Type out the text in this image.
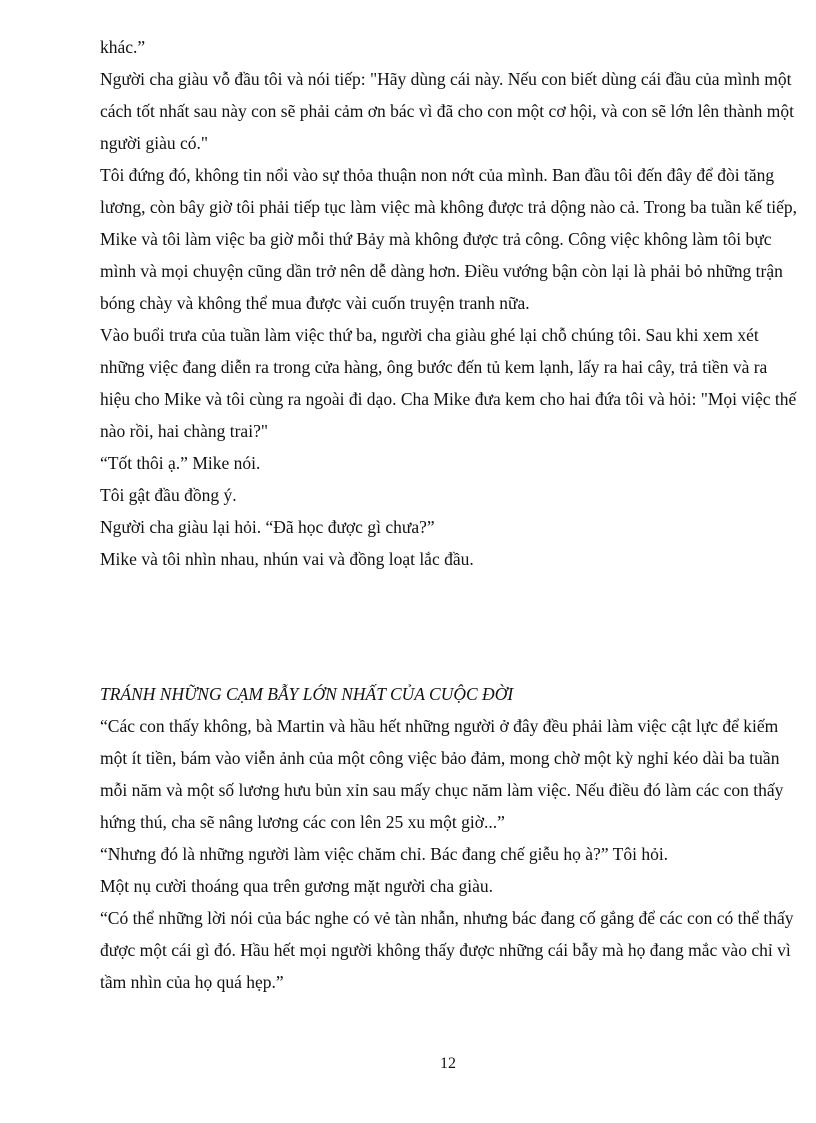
khác.”

Người cha giàu vỗ đầu tôi và nói tiếp: "Hãy dùng cái này. Nếu con biết dùng cái đầu của mình một cách tốt nhất sau này con sẽ phải cảm ơn bác vì đã cho con một cơ hội, và con sẽ lớn lên thành một người giàu có."

Tôi đứng đó, không tin nổi vào sự thỏa thuận non nớt của mình. Ban đầu tôi đến đây để đòi tăng lương, còn bây giờ tôi phải tiếp tục làm việc mà không được trả dộng nào cả. Trong ba tuần kế tiếp, Mike và tôi làm việc ba giờ mỗi thứ Bảy mà không được trả công. Công việc không làm tôi bực mình và mọi chuyện cũng dần trở nên dễ dàng hơn. Điều vướng bận còn lại là phải bỏ những trận bóng chày và không thể mua được vài cuốn truyện tranh nữa.

Vào buổi trưa của tuần làm việc thứ ba, người cha giàu ghé lại chỗ chúng tôi. Sau khi xem xét những việc đang diễn ra trong cửa hàng, ông bước đến tủ kem lạnh, lấy ra hai cây, trả tiền và ra hiệu cho Mike và tôi cùng ra ngoài đi dạo. Cha Mike đưa kem cho hai đứa tôi và hỏi: "Mọi việc thế nào rồi, hai chàng trai?"

“Tốt thôi ạ.” Mike nói.

Tôi gật đầu đồng ý.

Người cha giàu lại hỏi. “Đã học được gì chưa?”

Mike và tôi nhìn nhau, nhún vai và đồng loạt lắc đầu.

TRÁNH NHỮNG CẠM BẪY LỚN NHẤT CỦA CUỘC ĐỜI

“Các con thấy không, bà Martin và hầu hết những người ở đây đều phải làm việc cật lực để kiếm một ít tiền, bám vào viễn ảnh của một công việc bảo đảm, mong chờ một kỳ nghỉ kéo dài ba tuần mỗi năm và một số lương hưu bủn xỉn sau mấy chục năm làm việc. Nếu điều đó làm các con thấy hứng thú, cha sẽ nâng lương các con lên 25 xu một giờ...”

“Nhưng đó là những người làm việc chăm chỉ. Bác đang chế giễu họ à?” Tôi hỏi.

Một nụ cười thoáng qua trên gương mặt người cha giàu.

“Có thể những lời nói của bác nghe có vẻ tàn nhẫn, nhưng bác đang cố gắng để các con có thể thấy được một cái gì đó. Hầu hết mọi người không thấy được những cái bẫy mà họ đang mắc vào chỉ vì tầm nhìn của họ quá hẹp.”

12
